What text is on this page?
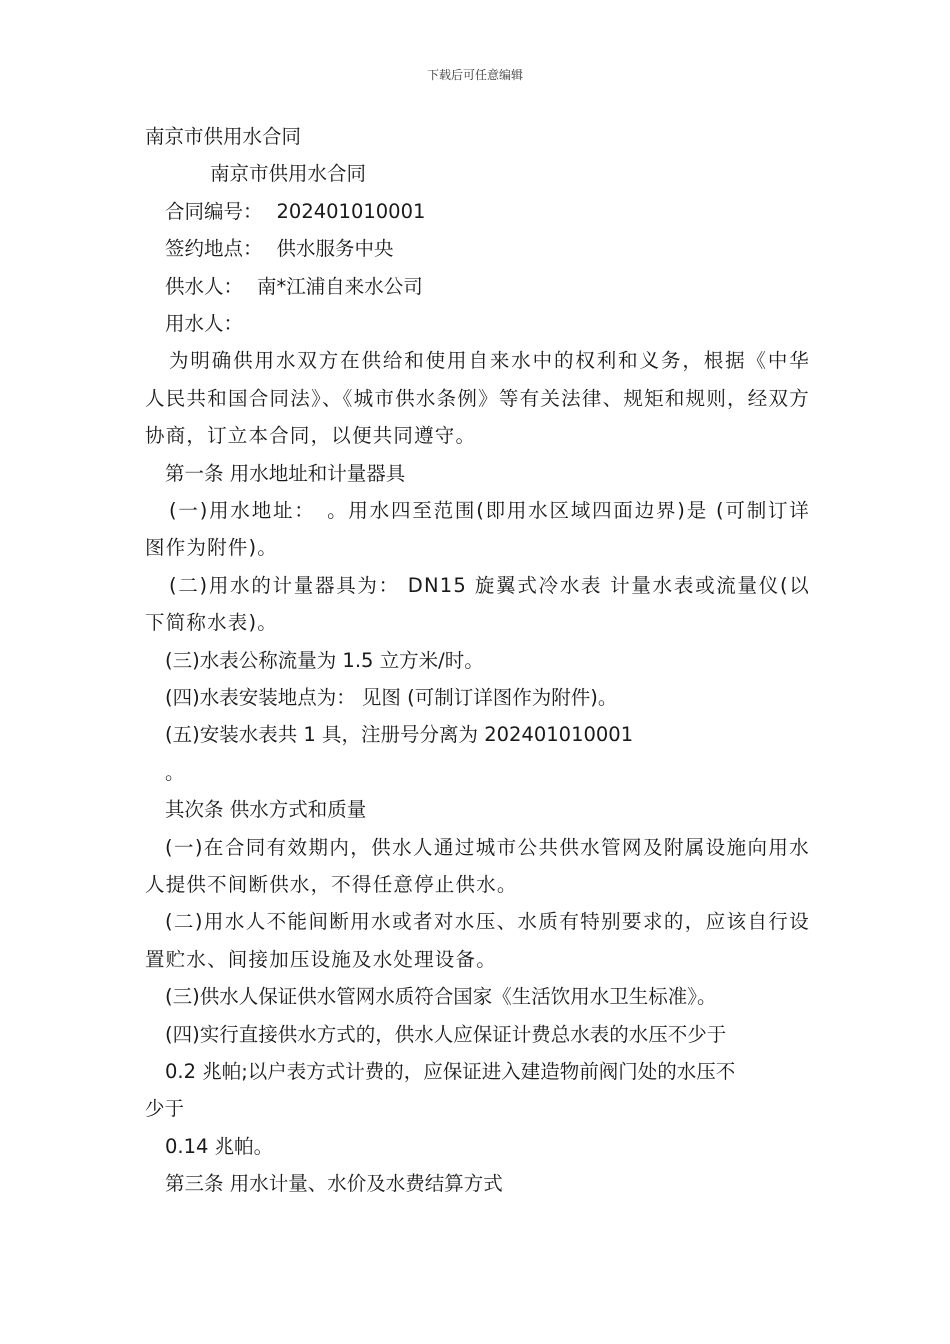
下载后可任意编辑
南京市供用水合同
南京市供用水合同
合同编号： 202401010001
签约地点： 供水服务中央
供水人： 南*江浦自来水公司
用水人：
为明确供用水双方在供给和使用自来水中的权利和义务，根据《中华人民共和国合同法》、《城市供水条例》等有关法律、规矩和规则，经双方协商，订立本合同，以便共同遵守。
第一条 用水地址和计量器具
(一)用水地址：　。用水四至范围(即用水区域四面边界)是 (可制订详图作为附件)。
(二)用水的计量器具为： DN15 旋翼式冷水表 计量水表或流量仪(以下简称水表)。
(三)水表公称流量为 1.5 立方米/时。
(四)水表安装地点为： 见图 (可制订详图作为附件)。
(五)安装水表共 1 具，注册号分离为 202401010001
。
其次条 供水方式和质量
(一)在合同有效期内，供水人通过城市公共供水管网及附属设施向用水人提供不间断供水，不得任意停止供水。
(二)用水人不能间断用水或者对水压、水质有特别要求的，应该自行设置贮水、间接加压设施及水处理设备。
(三)供水人保证供水管网水质符合国家《生活饮用水卫生标准》。
(四)实行直接供水方式的，供水人应保证计费总水表的水压不少于
0.2 兆帕;以户表方式计费的，应保证进入建造物前阀门处的水压不
少于
0.14 兆帕。
第三条 用水计量、水价及水费结算方式
